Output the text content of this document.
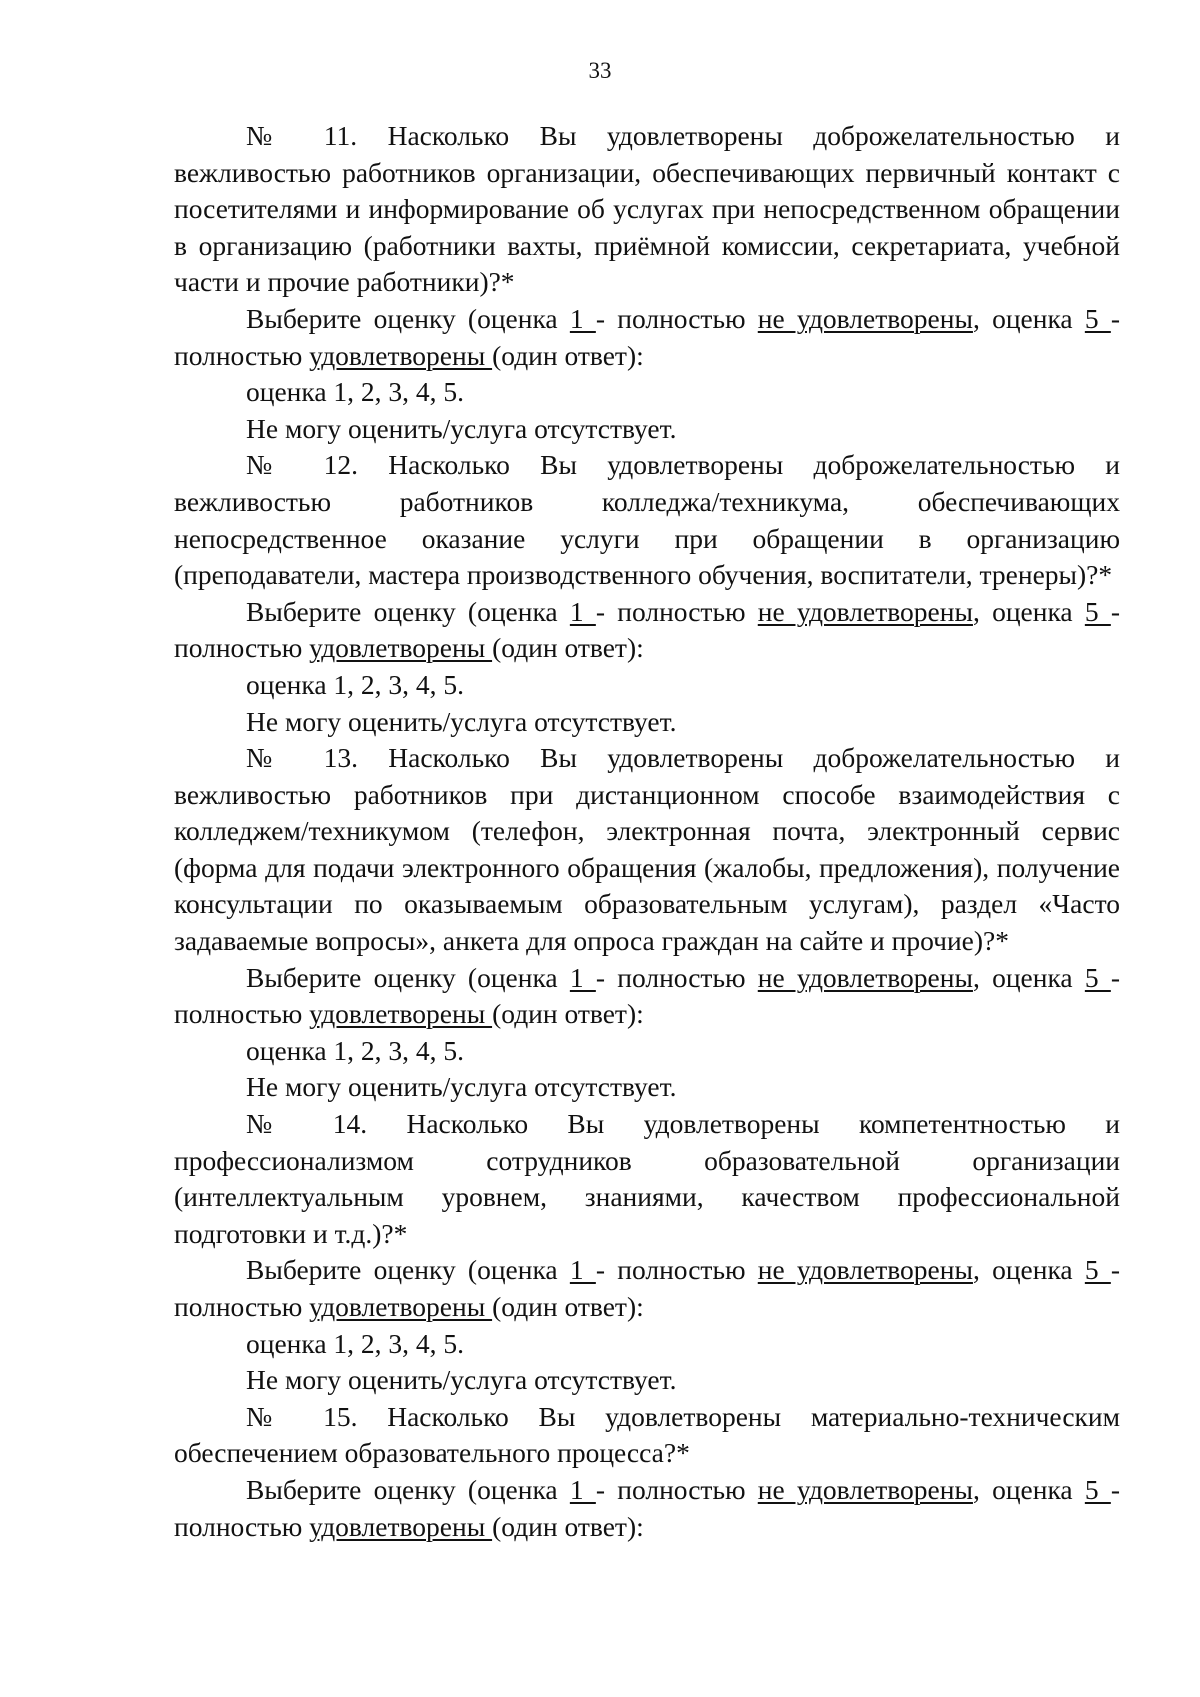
33

№ 11. Насколько Вы удовлетворены доброжелательностью и вежливостью работников организации, обеспечивающих первичный контакт с посетителями и информирование об услугах при непосредственном обращении в организацию (работники вахты, приёмной комиссии, секретариата, учебной части и прочие работники)?*

Выберите оценку (оценка 1 - полностью не удовлетворены, оценка 5 - полностью удовлетворены (один ответ):

оценка 1, 2, 3, 4, 5.

Не могу оценить/услуга отсутствует.

№ 12. Насколько Вы удовлетворены доброжелательностью и вежливостью работников колледжа/техникума, обеспечивающих непосредственное оказание услуги при обращении в организацию (преподаватели, мастера производственного обучения, воспитатели, тренеры)?*

Выберите оценку (оценка 1 - полностью не удовлетворены, оценка 5 - полностью удовлетворены (один ответ):

оценка 1, 2, 3, 4, 5.

Не могу оценить/услуга отсутствует.

№ 13. Насколько Вы удовлетворены доброжелательностью и вежливостью работников при дистанционном способе взаимодействия с колледжем/техникумом (телефон, электронная почта, электронный сервис (форма для подачи электронного обращения (жалобы, предложения), получение консультации по оказываемым образовательным услугам), раздел «Часто задаваемые вопросы», анкета для опроса граждан на сайте и прочие)?*

Выберите оценку (оценка 1 - полностью не удовлетворены, оценка 5 - полностью удовлетворены (один ответ):

оценка 1, 2, 3, 4, 5.

Не могу оценить/услуга отсутствует.

№ 14. Насколько Вы удовлетворены компетентностью и профессионализмом сотрудников образовательной организации (интеллектуальным уровнем, знаниями, качеством профессиональной подготовки и т.д.)?*

Выберите оценку (оценка 1 - полностью не удовлетворены, оценка 5 - полностью удовлетворены (один ответ):

оценка 1, 2, 3, 4, 5.

Не могу оценить/услуга отсутствует.

№ 15. Насколько Вы удовлетворены материально-техническим обеспечением образовательного процесса?*

Выберите оценку (оценка 1 - полностью не удовлетворены, оценка 5 - полностью удовлетворены (один ответ):
